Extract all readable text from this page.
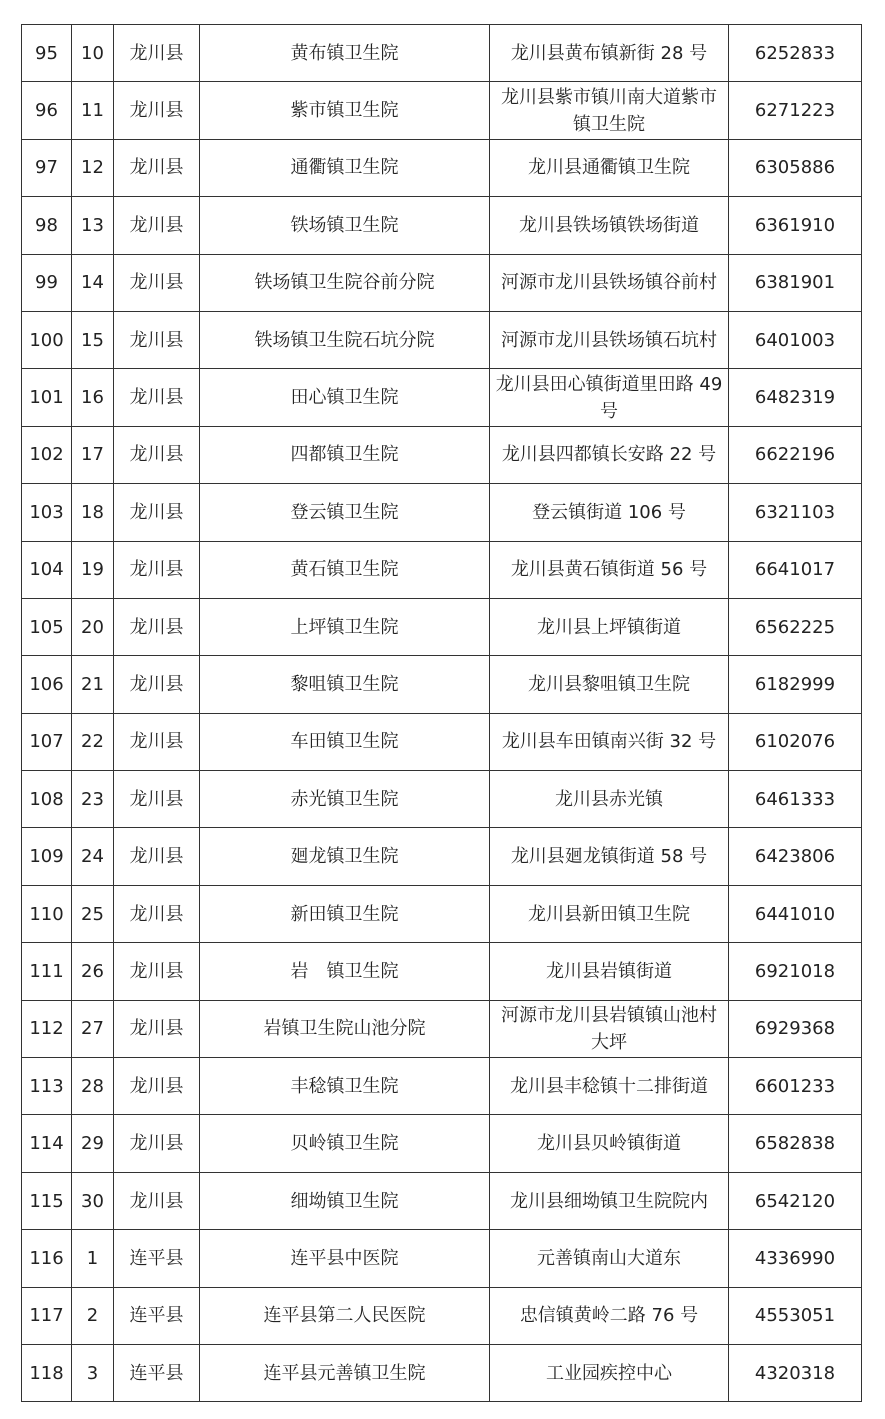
95	10	龙川县	黄布镇卫生院	龙川县黄布镇新街 28 号	6252833
96	11	龙川县	紫市镇卫生院	龙川县紫市镇川南大道紫市镇卫生院	6271223
97	12	龙川县	通衢镇卫生院	龙川县通衢镇卫生院	6305886
98	13	龙川县	铁场镇卫生院	龙川县铁场镇铁场街道	6361910
99	14	龙川县	铁场镇卫生院谷前分院	河源市龙川县铁场镇谷前村	6381901
100	15	龙川县	铁场镇卫生院石坑分院	河源市龙川县铁场镇石坑村	6401003
101	16	龙川县	田心镇卫生院	龙川县田心镇街道里田路 49 号	6482319
102	17	龙川县	四都镇卫生院	龙川县四都镇长安路 22 号	6622196
103	18	龙川县	登云镇卫生院	登云镇街道 106 号	6321103
104	19	龙川县	黄石镇卫生院	龙川县黄石镇街道 56 号	6641017
105	20	龙川县	上坪镇卫生院	龙川县上坪镇街道	6562225
106	21	龙川县	黎咀镇卫生院	龙川县黎咀镇卫生院	6182999
107	22	龙川县	车田镇卫生院	龙川县车田镇南兴街 32 号	6102076
108	23	龙川县	赤光镇卫生院	龙川县赤光镇	6461333
109	24	龙川县	廻龙镇卫生院	龙川县廻龙镇街道 58 号	6423806
110	25	龙川县	新田镇卫生院	龙川县新田镇卫生院	6441010
111	26	龙川县	岩　镇卫生院	龙川县岩镇街道	6921018
112	27	龙川县	岩镇卫生院山池分院	河源市龙川县岩镇镇山池村大坪	6929368
113	28	龙川县	丰稔镇卫生院	龙川县丰稔镇十二排街道	6601233
114	29	龙川县	贝岭镇卫生院	龙川县贝岭镇街道	6582838
115	30	龙川县	细坳镇卫生院	龙川县细坳镇卫生院院内	6542120
116	1	连平县	连平县中医院	元善镇南山大道东	4336990
117	2	连平县	连平县第二人民医院	忠信镇黄岭二路 76 号	4553051
118	3	连平县	连平县元善镇卫生院	工业园疾控中心	4320318
